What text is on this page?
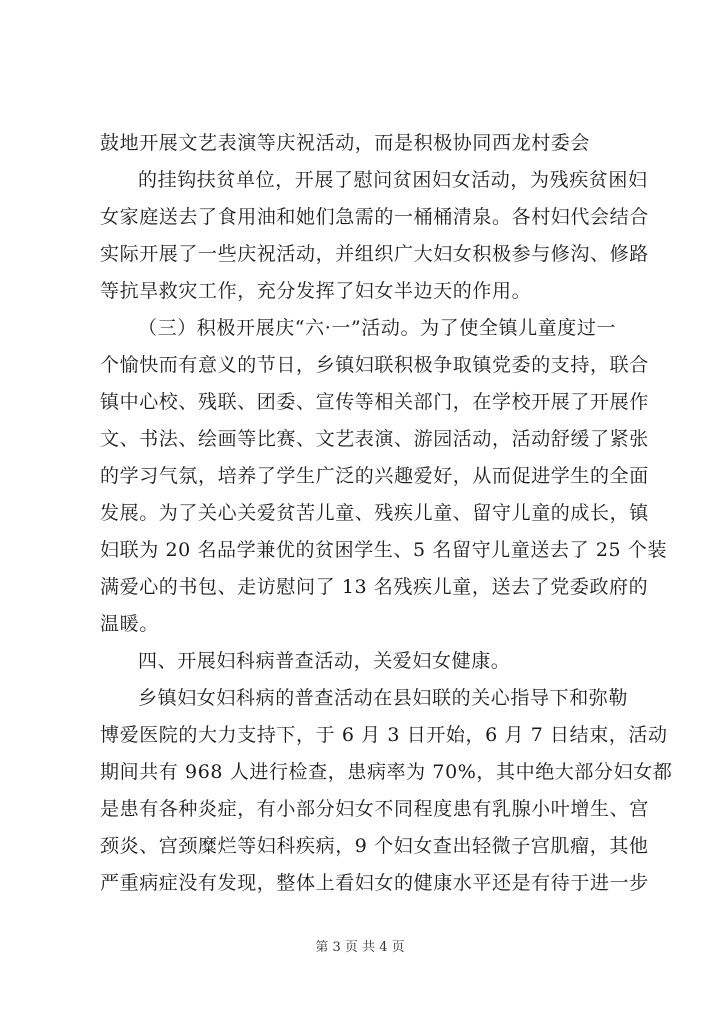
鼓地开展文艺表演等庆祝活动，而是积极协同西龙村委会
的挂钩扶贫单位，开展了慰问贫困妇女活动，为残疾贫困妇
女家庭送去了食用油和她们急需的一桶桶清泉。各村妇代会结合
实际开展了一些庆祝活动，并组织广大妇女积极参与修沟、修路
等抗旱救灾工作，充分发挥了妇女半边天的作用。
（三）积极开展庆“六·一”活动。为了使全镇儿童度过一
个愉快而有意义的节日，乡镇妇联积极争取镇党委的支持，联合
镇中心校、残联、团委、宣传等相关部门，在学校开展了开展作
文、书法、绘画等比赛、文艺表演、游园活动，活动舒缓了紧张
的学习气氛，培养了学生广泛的兴趣爱好，从而促进学生的全面
发展。为了关心关爱贫苦儿童、残疾儿童、留守儿童的成长，镇
妇联为 20 名品学兼优的贫困学生、5 名留守儿童送去了 25 个装
满爱心的书包、走访慰问了 13 名残疾儿童，送去了党委政府的
温暖。
四、开展妇科病普查活动，关爱妇女健康。
乡镇妇女妇科病的普查活动在县妇联的关心指导下和弥勒
博爱医院的大力支持下，于 6 月 3 日开始，6 月 7 日结束，活动
期间共有 968 人进行检查，患病率为 70%，其中绝大部分妇女都
是患有各种炎症，有小部分妇女不同程度患有乳腺小叶增生、宫
颈炎、宫颈糜烂等妇科疾病，9 个妇女查出轻微子宫肌瘤，其他
严重病症没有发现，整体上看妇女的健康水平还是有待于进一步
第 3 页 共 4 页
